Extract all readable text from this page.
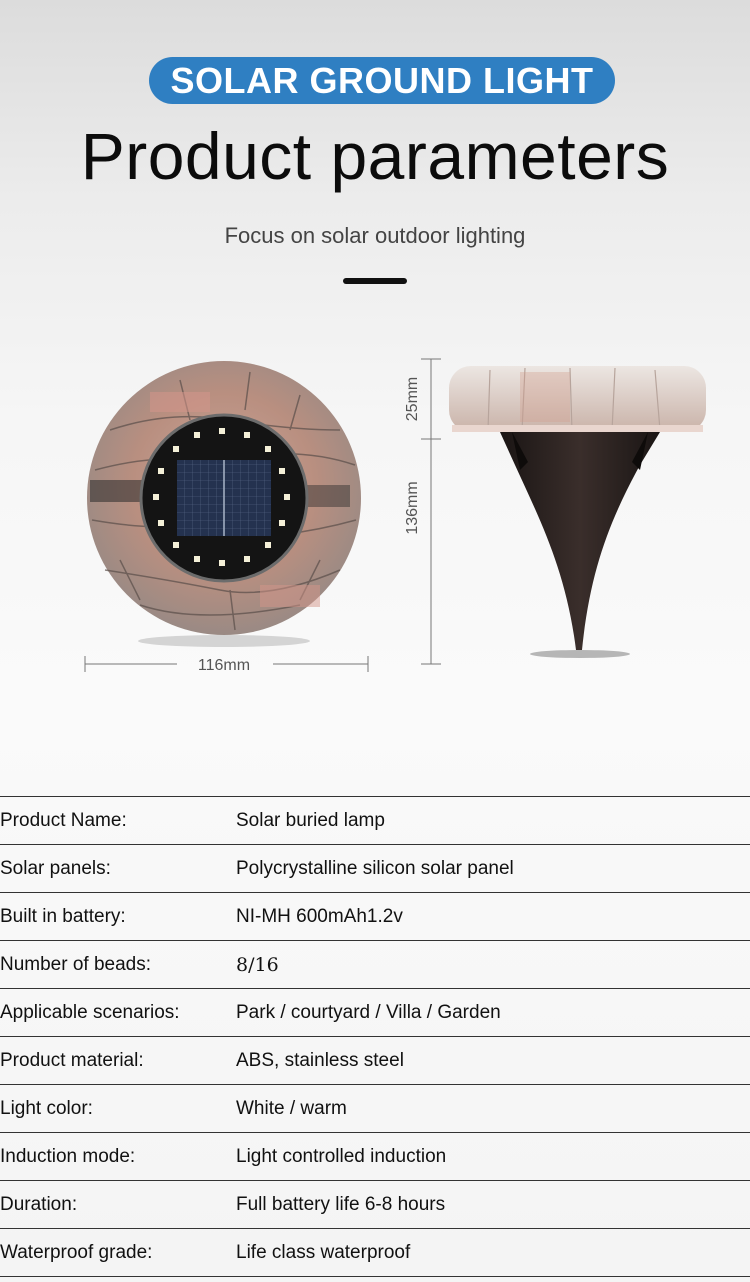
SOLAR GROUND LIGHT
Product parameters
Focus on solar outdoor lighting
116mm
25mm
136mm
Product Name:	Solar buried lamp
Solar panels:	Polycrystalline silicon solar panel
Built in battery:	NI-MH 600mAh1.2v
Number of beads:	8/16
Applicable scenarios:	Park / courtyard / Villa / Garden
Product material:	ABS, stainless steel
Light color:	White / warm
Induction mode:	Light controlled induction
Duration:	Full battery life 6-8 hours
Waterproof grade:	Life class waterproof
